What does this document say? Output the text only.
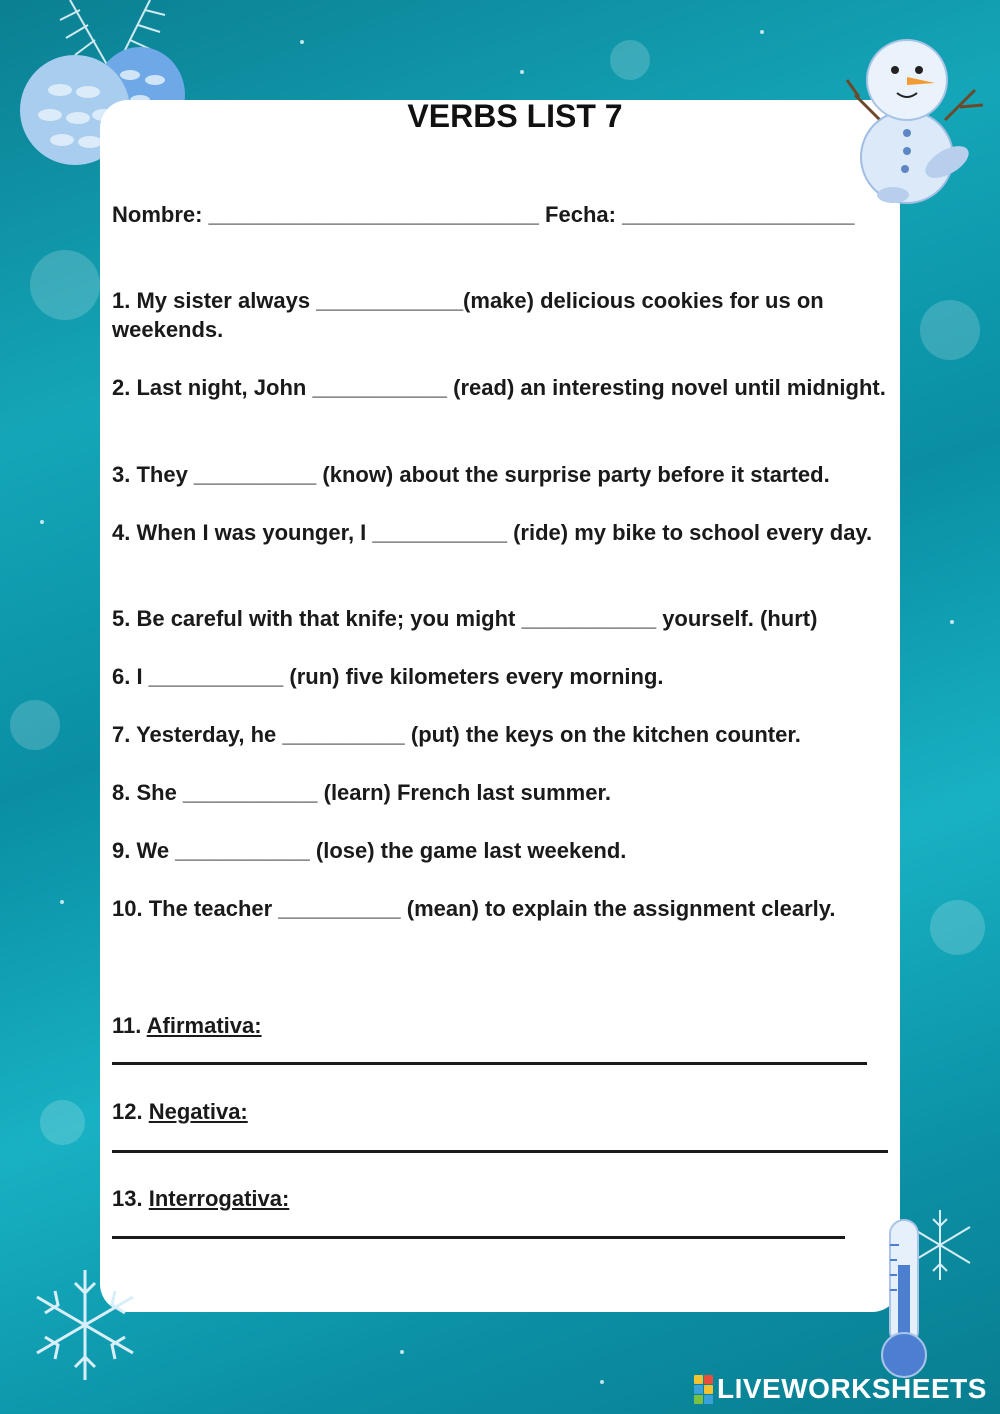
VERBS LIST 7
Nombre: ___________________________ Fecha: ___________________
1. My sister always ____________(make) delicious cookies for us on weekends.
2. Last night, John ___________ (read) an interesting novel until midnight.
3. They __________ (know) about the surprise party before it started.
4. When I was younger, I ___________ (ride) my bike to school every day.
5. Be careful with that knife; you might ___________ yourself. (hurt)
6. I ___________ (run) five kilometers every morning.
7. Yesterday, he __________ (put) the keys on the kitchen counter.
8. She ___________ (learn) French last summer.
9. We ___________ (lose) the game last weekend.
10. The teacher __________ (mean) to explain the assignment clearly.
11. Afirmativa:
12. Negativa:
13. Interrogativa:
LIVEWORKSHEETS
